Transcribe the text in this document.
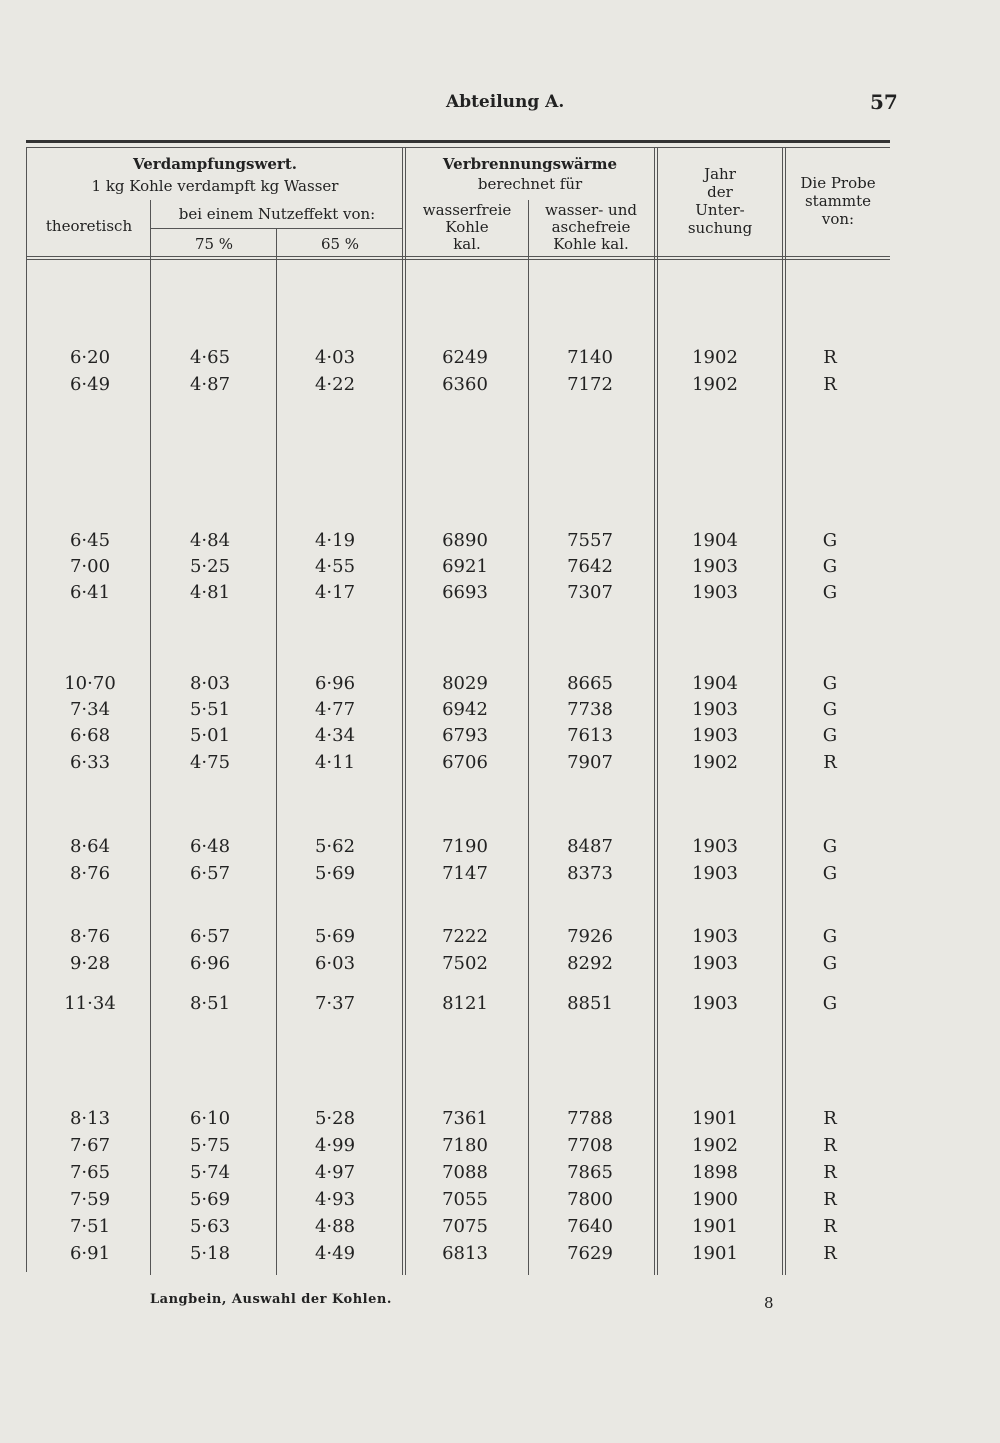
Abteilung A.	57
Verdampfungswert.
1 kg Kohle verdampft kg Wasser
theoretisch
bei einem Nutzeffekt von:
75 %	65 %
Verbrennungswärme
berechnet für
wasserfreie
Kohle
kal.
wasser- und
aschefreie
Kohle kal.
Jahr
der
Unter-
suchung
Die Probe
stammte
von:
6·20	4·65	4·03	6249	7140	1902	R
6·49	4·87	4·22	6360	7172	1902	R
6·45	4·84	4·19	6890	7557	1904	G
7·00	5·25	4·55	6921	7642	1903	G
6·41	4·81	4·17	6693	7307	1903	G
10·70	8·03	6·96	8029	8665	1904	G
7·34	5·51	4·77	6942	7738	1903	G
6·68	5·01	4·34	6793	7613	1903	G
6·33	4·75	4·11	6706	7907	1902	R
8·64	6·48	5·62	7190	8487	1903	G
8·76	6·57	5·69	7147	8373	1903	G
8·76	6·57	5·69	7222	7926	1903	G
9·28	6·96	6·03	7502	8292	1903	G
11·34	8·51	7·37	8121	8851	1903	G
8·13	6·10	5·28	7361	7788	1901	R
7·67	5·75	4·99	7180	7708	1902	R
7·65	5·74	4·97	7088	7865	1898	R
7·59	5·69	4·93	7055	7800	1900	R
7·51	5·63	4·88	7075	7640	1901	R
6·91	5·18	4·49	6813	7629	1901	R
Langbein, Auswahl der Kohlen.	8
